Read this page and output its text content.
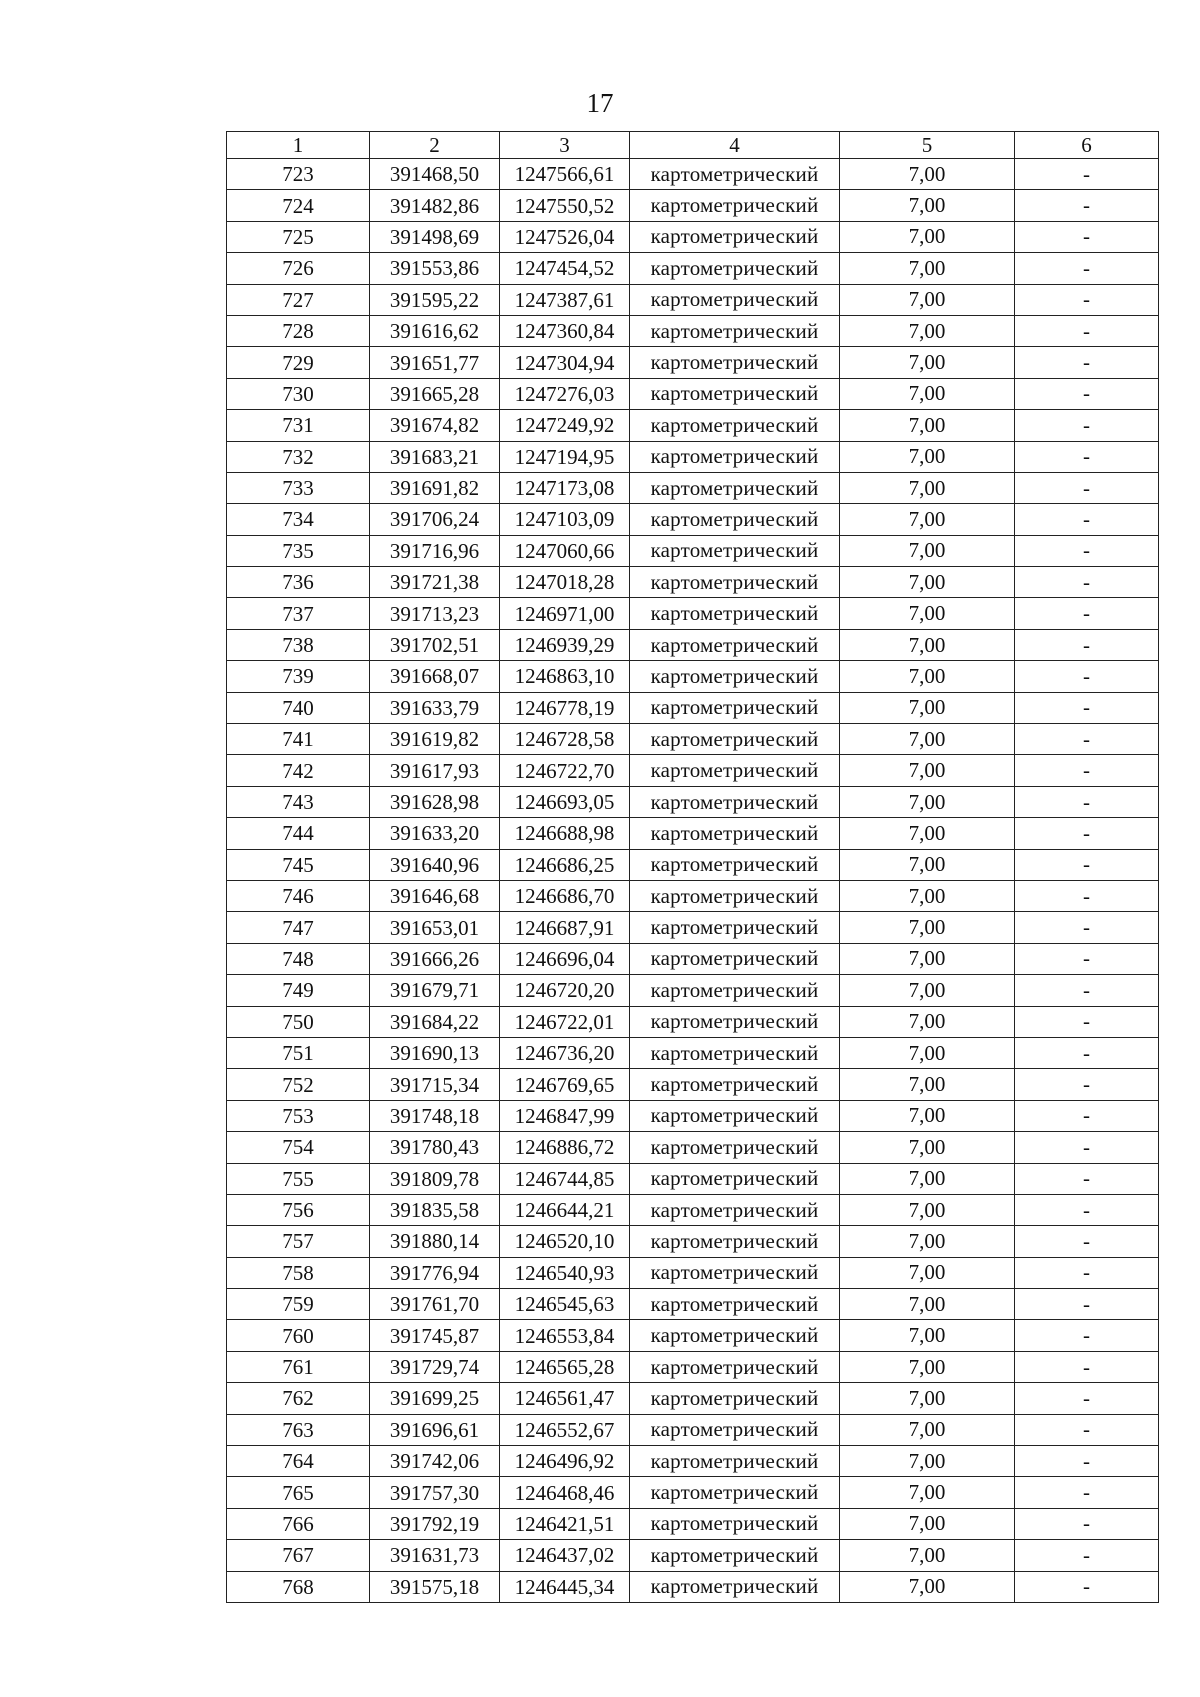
17
1	2	3	4	5	6
723	391468,50	1247566,61	картометрический	7,00	-
724	391482,86	1247550,52	картометрический	7,00	-
725	391498,69	1247526,04	картометрический	7,00	-
726	391553,86	1247454,52	картометрический	7,00	-
727	391595,22	1247387,61	картометрический	7,00	-
728	391616,62	1247360,84	картометрический	7,00	-
729	391651,77	1247304,94	картометрический	7,00	-
730	391665,28	1247276,03	картометрический	7,00	-
731	391674,82	1247249,92	картометрический	7,00	-
732	391683,21	1247194,95	картометрический	7,00	-
733	391691,82	1247173,08	картометрический	7,00	-
734	391706,24	1247103,09	картометрический	7,00	-
735	391716,96	1247060,66	картометрический	7,00	-
736	391721,38	1247018,28	картометрический	7,00	-
737	391713,23	1246971,00	картометрический	7,00	-
738	391702,51	1246939,29	картометрический	7,00	-
739	391668,07	1246863,10	картометрический	7,00	-
740	391633,79	1246778,19	картометрический	7,00	-
741	391619,82	1246728,58	картометрический	7,00	-
742	391617,93	1246722,70	картометрический	7,00	-
743	391628,98	1246693,05	картометрический	7,00	-
744	391633,20	1246688,98	картометрический	7,00	-
745	391640,96	1246686,25	картометрический	7,00	-
746	391646,68	1246686,70	картометрический	7,00	-
747	391653,01	1246687,91	картометрический	7,00	-
748	391666,26	1246696,04	картометрический	7,00	-
749	391679,71	1246720,20	картометрический	7,00	-
750	391684,22	1246722,01	картометрический	7,00	-
751	391690,13	1246736,20	картометрический	7,00	-
752	391715,34	1246769,65	картометрический	7,00	-
753	391748,18	1246847,99	картометрический	7,00	-
754	391780,43	1246886,72	картометрический	7,00	-
755	391809,78	1246744,85	картометрический	7,00	-
756	391835,58	1246644,21	картометрический	7,00	-
757	391880,14	1246520,10	картометрический	7,00	-
758	391776,94	1246540,93	картометрический	7,00	-
759	391761,70	1246545,63	картометрический	7,00	-
760	391745,87	1246553,84	картометрический	7,00	-
761	391729,74	1246565,28	картометрический	7,00	-
762	391699,25	1246561,47	картометрический	7,00	-
763	391696,61	1246552,67	картометрический	7,00	-
764	391742,06	1246496,92	картометрический	7,00	-
765	391757,30	1246468,46	картометрический	7,00	-
766	391792,19	1246421,51	картометрический	7,00	-
767	391631,73	1246437,02	картометрический	7,00	-
768	391575,18	1246445,34	картометрический	7,00	-
